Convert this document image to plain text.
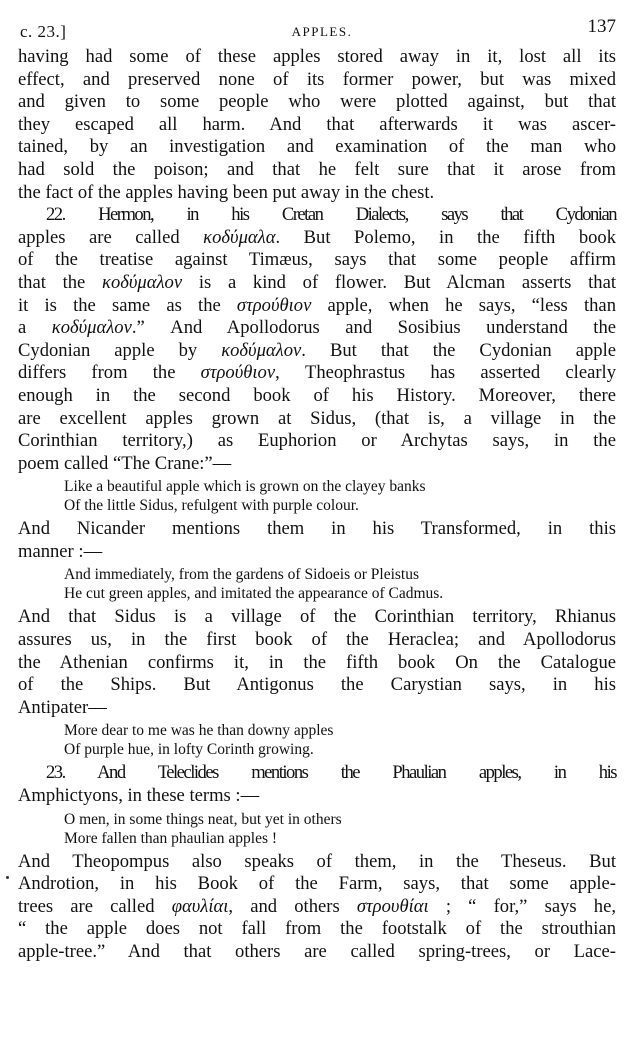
c. 23.]	APPLES.	137

having had some of these apples stored away in it, lost all its
effect, and preserved none of its former power, but was mixed
and given to some people who were plotted against, but that
they escaped all harm. And that afterwards it was ascer-
tained, by an investigation and examination of the man who
had sold the poison; and that he felt sure that it arose from
the fact of the apples having been put away in the chest.

22. Hermon, in his Cretan Dialects, says that Cydonian
apples are called κοδύμαλα. But Polemo, in the fifth book
of the treatise against Timæus, says that some people affirm
that the κοδύμαλον is a kind of flower. But Alcman asserts that
it is the same as the στρούθιον apple, when he says, “less than
a κοδύμαλον.” And Apollodorus and Sosibius understand the
Cydonian apple by κοδύμαλον. But that the Cydonian apple
differs from the στρούθιον, Theophrastus has asserted clearly
enough in the second book of his History. Moreover, there
are excellent apples grown at Sidus, (that is, a village in the
Corinthian territory,) as Euphorion or Archytas says, in the
poem called “The Crane:”—

Like a beautiful apple which is grown on the clayey banks
Of the little Sidus, refulgent with purple colour.

And Nicander mentions them in his Transformed, in this
manner :—

And immediately, from the gardens of Sidoeis or Pleistus
He cut green apples, and imitated the appearance of Cadmus.

And that Sidus is a village of the Corinthian territory, Rhianus
assures us, in the first book of the Heraclea; and Apollodorus
the Athenian confirms it, in the fifth book On the Catalogue
of the Ships. But Antigonus the Carystian says, in his
Antipater—

More dear to me was he than downy apples
Of purple hue, in lofty Corinth growing.

23. And Teleclides mentions the Phaulian apples, in his
Amphictyons, in these terms :—

O men, in some things neat, but yet in others
More fallen than phaulian apples !

And Theopompus also speaks of them, in the Theseus. But
Androtion, in his Book of the Farm, says, that some apple-
trees are called φαυλίαι, and others στρουθίαι ; “ for,” says he,
“ the apple does not fall from the footstalk of the strouthian
apple-tree.” And that others are called spring-trees, or Lace-
